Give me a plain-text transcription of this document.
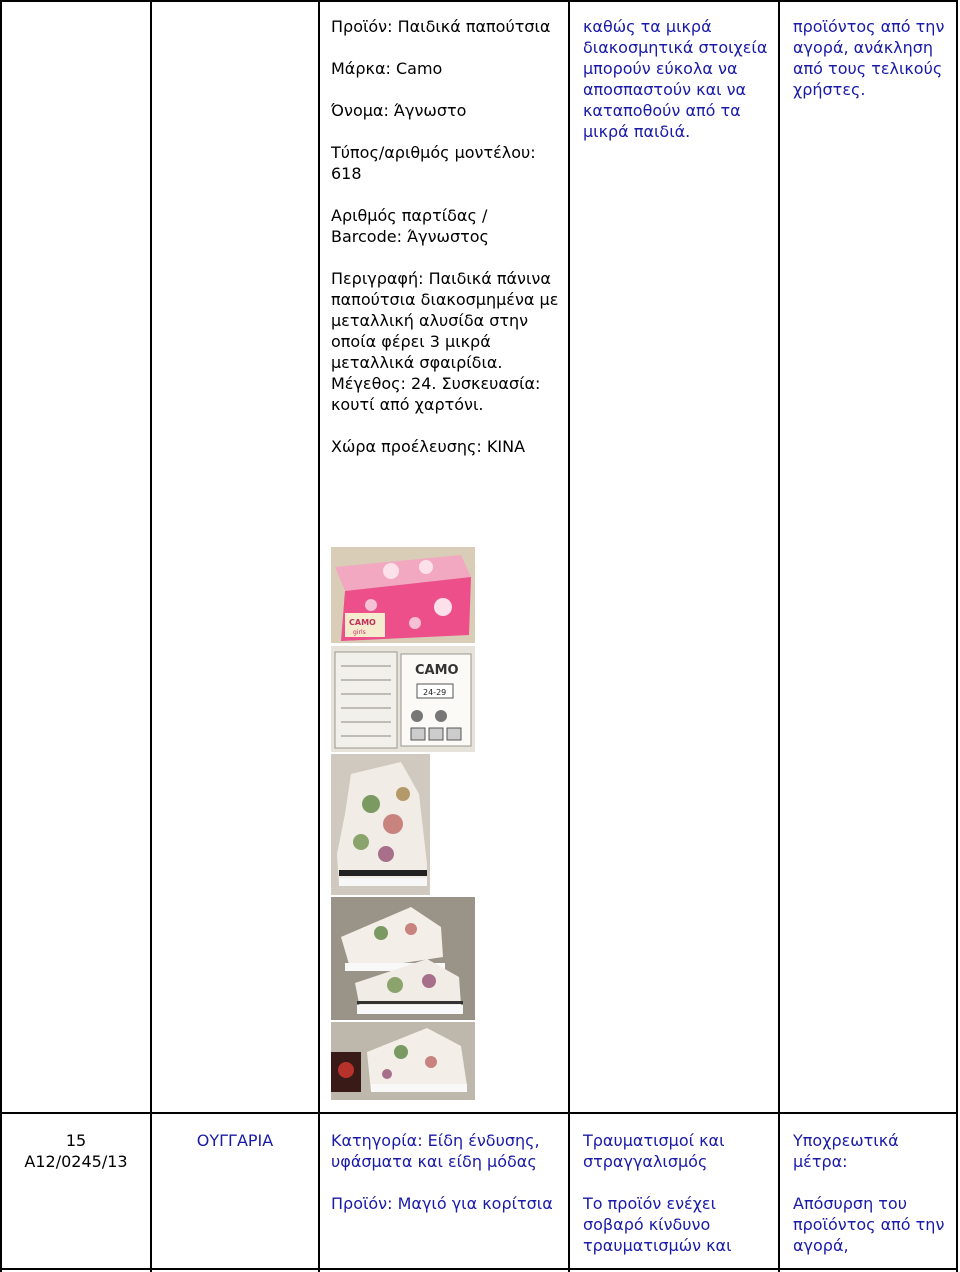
Προϊόν: Παιδικά παπούτσια

Μάρκα: Camo

Όνομα: Άγνωστο

Τύπος/αριθμός μοντέλου: 618

Αριθμός παρτίδας / Barcode: Άγνωστος

Περιγραφή: Παιδικά πάνινα παπούτσια διακοσμημένα με μεταλλική αλυσίδα στην οποία φέρει 3 μικρά μεταλλικά σφαιρίδια. Μέγεθος: 24. Συσκευασία: κουτί από χαρτόνι.

Χώρα προέλευσης: ΚΙΝΑ

καθώς τα μικρά διακοσμητικά στοιχεία μπορούν εύκολα να αποσπαστούν και να καταποθούν από τα μικρά παιδιά.

προϊόντος από την αγορά, ανάκληση από τους τελικούς χρήστες.

CAMO
girls
CAMO
24-29
15
A12/0245/13
ΟΥΓΓΑΡΙΑ	Κατηγορία: Είδη ένδυσης, υφάσματα και είδη μόδας

Προϊόν: Μαγιό για κορίτσια

Τραυματισμοί και στραγγαλισμός

Το προϊόν ενέχει σοβαρό κίνδυνο τραυματισμών και

Υποχρεωτικά μέτρα:

Απόσυρση του προϊόντος από την αγορά,
